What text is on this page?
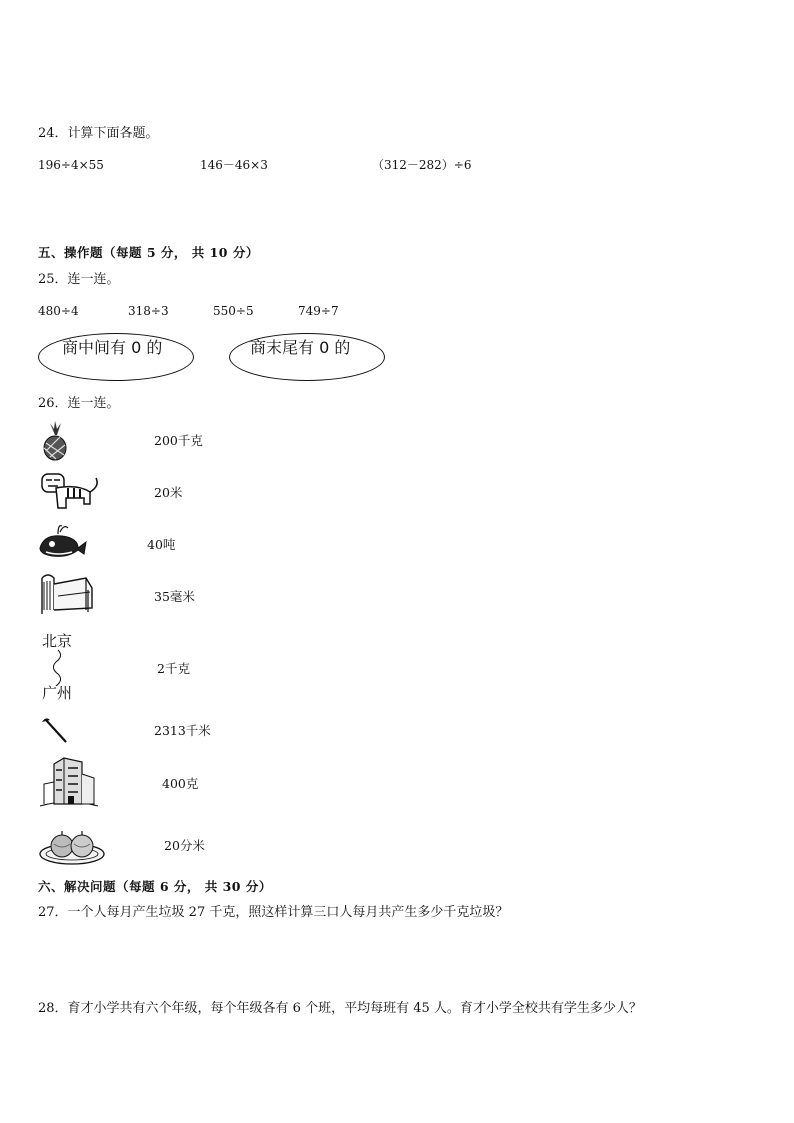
24．计算下面各题。
196÷4×55	146－46×3	（312－282）÷6
五、操作题（每题 5 分， 共 10 分）
25．连一连。
480÷4	318÷3	550÷5	749÷7
商中间有 0 的	商末尾有 0 的
26．连一连。
200千克
20米
40吨
35毫米
北京
广州
2千克
2313千米
400克
20分米
六、解决问题（每题 6 分， 共 30 分）
27．一个人每月产生垃圾 27 千克，照这样计算三口人每月共产生多少千克垃圾？
28．育才小学共有六个年级，每个年级各有 6 个班，平均每班有 45 人。育才小学全校共有学生多少人？
